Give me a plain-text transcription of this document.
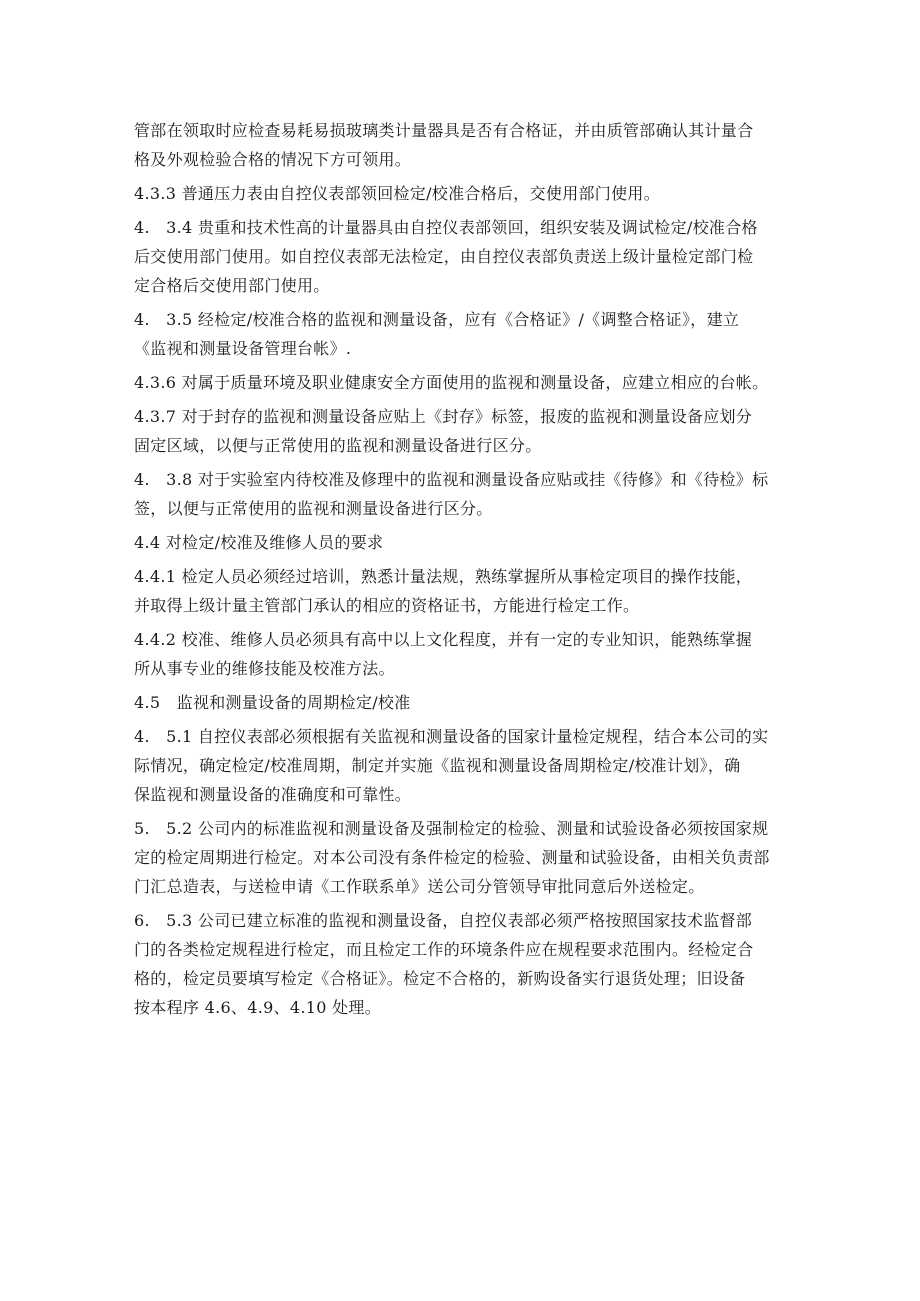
管部在领取时应检查易耗易损玻璃类计量器具是否有合格证，并由质管部确认其计量合
格及外观检验合格的情况下方可领用。

4.3.3 普通压力表由自控仪表部领回检定/校准合格后，交使用部门使用。

4.　3.4 贵重和技术性高的计量器具由自控仪表部领回，组织安装及调试检定/校准合格
后交使用部门使用。如自控仪表部无法检定，由自控仪表部负责送上级计量检定部门检
定合格后交使用部门使用。

4.　3.5 经检定/校准合格的监视和测量设备，应有《合格证》/《调整合格证》，建立
《监视和测量设备管理台帐》.

4.3.6 对属于质量环境及职业健康安全方面使用的监视和测量设备，应建立相应的台帐。

4.3.7 对于封存的监视和测量设备应贴上《封存》标签，报废的监视和测量设备应划分
固定区域，以便与正常使用的监视和测量设备进行区分。

4.　3.8 对于实验室内待校准及修理中的监视和测量设备应贴或挂《待修》和《待检》标
签，以便与正常使用的监视和测量设备进行区分。

4.4 对检定/校准及维修人员的要求

4.4.1 检定人员必须经过培训，熟悉计量法规，熟练掌握所从事检定项目的操作技能，
并取得上级计量主管部门承认的相应的资格证书，方能进行检定工作。

4.4.2 校准、维修人员必须具有高中以上文化程度，并有一定的专业知识，能熟练掌握
所从事专业的维修技能及校准方法。

4.5　监视和测量设备的周期检定/校准

4.　5.1 自控仪表部必须根据有关监视和测量设备的国家计量检定规程，结合本公司的实
际情况，确定检定/校准周期，制定并实施《监视和测量设备周期检定/校准计划》，确
保监视和测量设备的准确度和可靠性。

5.　5.2 公司内的标准监视和测量设备及强制检定的检验、测量和试验设备必须按国家规
定的检定周期进行检定。对本公司没有条件检定的检验、测量和试验设备，由相关负责部
门汇总造表，与送检申请《工作联系单》送公司分管领导审批同意后外送检定。

6.　5.3 公司已建立标准的监视和测量设备，自控仪表部必须严格按照国家技术监督部
门的各类检定规程进行检定，而且检定工作的环境条件应在规程要求范围内。经检定合
格的，检定员要填写检定《合格证》。检定不合格的，新购设备实行退货处理；旧设备
按本程序 4.6、4.9、4.10 处理。
